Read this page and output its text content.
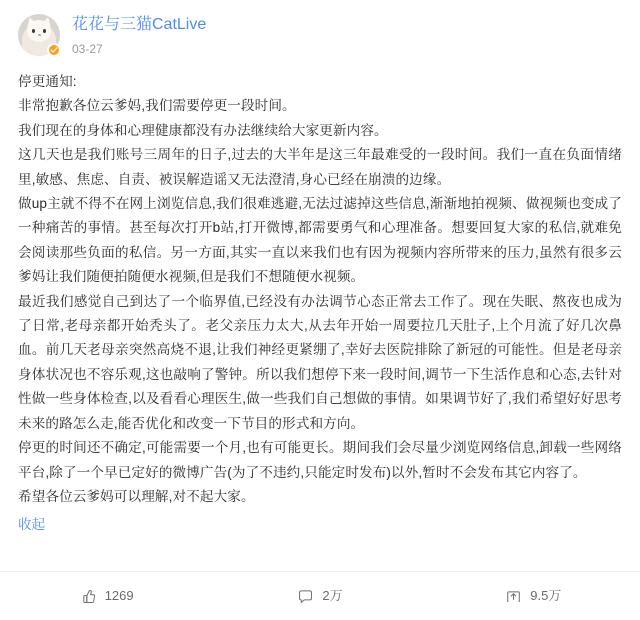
花花与三猫CatLive
03-27

停更通知:

非常抱歉各位云爹妈,我们需要停更一段时间。

我们现在的身体和心理健康都没有办法继续给大家更新内容。

这几天也是我们账号三周年的日子,过去的大半年是这三年最难受的一段时间。我们一直在负面情绪里,敏感、焦虑、自责、被误解造谣又无法澄清,身心已经在崩溃的边缘。

做up主就不得不在网上浏览信息,我们很难逃避,无法过滤掉这些信息,渐渐地拍视频、做视频也变成了一种痛苦的事情。甚至每次打开b站,打开微博,都需要勇气和心理准备。想要回复大家的私信,就难免会阅读那些负面的私信。另一方面,其实一直以来我们也有因为视频内容所带来的压力,虽然有很多云爹妈让我们随便拍随便水视频,但是我们不想随便水视频。

最近我们感觉自己到达了一个临界值,已经没有办法调节心态正常去工作了。现在失眠、熬夜也成为了日常,老母亲都开始秃头了。老父亲压力太大,从去年开始一周要拉几天肚子,上个月流了好几次鼻血。前几天老母亲突然高烧不退,让我们神经更紧绷了,幸好去医院排除了新冠的可能性。但是老母亲身体状况也不容乐观,这也敲响了警钟。所以我们想停下来一段时间,调节一下生活作息和心态,去针对性做一些身体检查,以及看看心理医生,做一些我们自己想做的事情。如果调节好了,我们希望好好思考未来的路怎么走,能否优化和改变一下节目的形式和方向。

停更的时间还不确定,可能需要一个月,也有可能更长。期间我们会尽量少浏览网络信息,卸载一些网络平台,除了一个早已定好的微博广告(为了不违约,只能定时发布)以外,暂时不会发布其它内容了。

希望各位云爹妈可以理解,对不起大家。

收起
1269	2万	9.5万
